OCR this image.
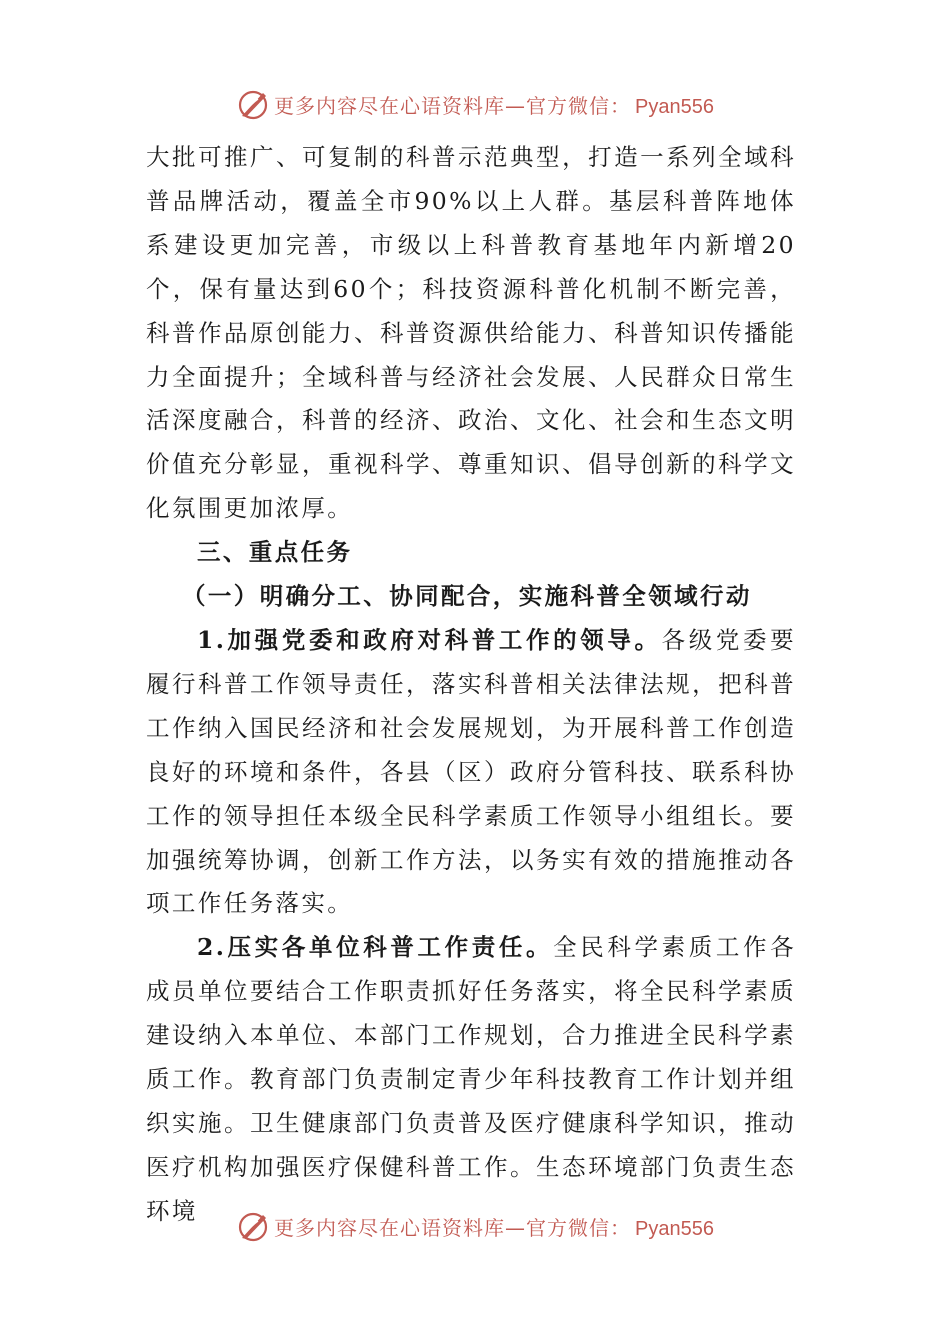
更多内容尽在心语资料库—官方微信： Pyan556

大批可推广、可复制的科普示范典型，打造一系列全域科普品牌活动，覆盖全市90%以上人群。基层科普阵地体系建设更加完善，市级以上科普教育基地年内新增20个，保有量达到60个；科技资源科普化机制不断完善，科普作品原创能力、科普资源供给能力、科普知识传播能力全面提升；全域科普与经济社会发展、人民群众日常生活深度融合，科普的经济、政治、文化、社会和生态文明价值充分彰显，重视科学、尊重知识、倡导创新的科学文化氛围更加浓厚。

三、重点任务

（一）明确分工、协同配合，实施科普全领域行动

1.加强党委和政府对科普工作的领导。各级党委要履行科普工作领导责任，落实科普相关法律法规，把科普工作纳入国民经济和社会发展规划，为开展科普工作创造良好的环境和条件，各县（区）政府分管科技、联系科协工作的领导担任本级全民科学素质工作领导小组组长。要加强统筹协调，创新工作方法，以务实有效的措施推动各项工作任务落实。

2.压实各单位科普工作责任。全民科学素质工作各成员单位要结合工作职责抓好任务落实，将全民科学素质建设纳入本单位、本部门工作规划，合力推进全民科学素质工作。教育部门负责制定青少年科技教育工作计划并组织实施。卫生健康部门负责普及医疗健康科学知识，推动医疗机构加强医疗保健科普工作。生态环境部门负责生态环境

更多内容尽在心语资料库—官方微信： Pyan556
